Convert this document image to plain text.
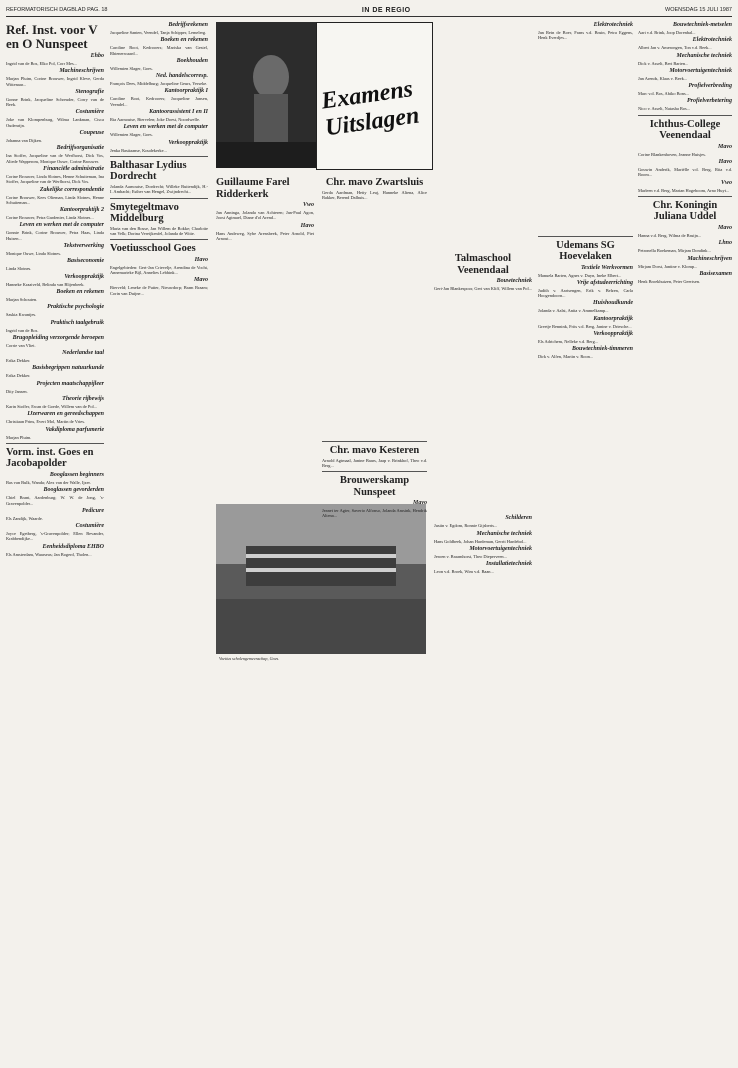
REFORMATORISCH DAGBLAD PAG. 18	IN DE REGIO	WOENSDAG 15 JULI 1987
Ref. Inst. voor V en O Nunspeet
Ehbo

Ingrid van de Bos, Elko Pol, Corr Mes...

Machineschrijven

Marjan Pluim, Corine Brouwer, Ingrid Kleve, Gerda Wittenaar...

Stenografie

Gonne Brink, Jacqueline Schreuder, Corry van de Beek.

Costumière

Joke van Klompenburg, Wilma Lankman, Cisca Oudenrijn.

Coupeuse

Johanna van Dijken.

Bedrijfsorganisatie

Ina Stoffer, Jacqueline van de Werfhorst, Dick Vos, Aliede Wapperom, Monique Ouwe, Corine Brouwer.

Financiële administratie

Corine Brouwer, Linda Slotnes, Henne Schuiteman, Ina Stoffer, Jacqueline van de Werfhorst, Dick Vos.

Zakelijke correspondentie

Corine Brouwer, Kees Olieman, Linda Slotnes, Henne Schuiteman...

Kantoorpraktijk 2

Corine Brouwer, Petra Gardenier, Linda Slotnes...

Leven en werken met de computer

Gonnie Brink, Corine Brouwer, Petra Haas, Linda Huisen...

Tekstverwerking

Monique Ouwe, Linda Slotnes.

Basiseconomie

Linda Slotnes.

Verkooppraktijk

Hanneke Kraaiveld, Belinda van Blijenbeek.

Boeken en rekenen

Marjan Schouten.

Praktische psychologie

Saskia Kwantjes.

Praktisch taalgebruik

Ingrid van de Bos.

Brugopleiding verzorgende beroepen

Corrie van Vliet.

Nederlandse taal

Erika Dekker.

Basisbegrippen natuurkunde

Erika Dekker.

Projecten maatschappijleer

Dity Jansen.

Theorie rijbewijs

Karin Stoffer, Ewan de Goede, Willem van de Pol...

IJzerwaren en gereedschappen

Christiaan Prins, Evert Mol, Martin de Vries.

Vakdiploma parfumerie

Marjan Pluim.

Vorm. inst. Goes en Jacobapolder
Booglassen beginners

Bas van Bulk, Wanda; Alex van der Walle, Ijzer.

Booglassen gevorderden

Chiel Brant, Aardenburg; W. W. de Jong, 's-Gravenpolder...

Pedicure

Els Zandijk, Waarde.

Costumière

Joyce Egetberg, 's-Gravenpolder; Ellen Bevander, Krabbendijke...

Eenheidsdiploma EHBO

Els Amsterdam, Waarseas; Jan Bogerd, Tholen...

Bedrijfsrekenen

Jacqueline Santen, Veendel, Tanja Schipper, Lemelerg.

Boeken en rekenen

Caroline Boot, Kedrooers; Mariska van Gestel, Rhienerwaard...

Boekhouden

Willemien Slager, Goes.

Ned. handelscorresp.

François Dees, Middelburg; Jacqueline Geurs, Yerseke.

Kantoorpraktijk I

Caroline Boot, Kedrooers; Jacqueline Jansen, Veendel...

Kantoorassistent I en II

Ria Aarnoutse, Biervelen; Joke Doest, Noordwelle.

Leven en werken met de computer

Willemien Slager, Goes.

Verkooppraktijk

Jenka Bastiaanse, Koudekerke...

Balthasar Lydius Dordrecht

Jolanda Aarnoutse, Dordrecht; Willeke Buitendijk, H.-I. Ambacht; Esther van Hengel, Zwijndrecht...

Smytegeltmavo Middelburg

Maria van den Bosse, Jan Willem de Bokke; Charlotte van Velk; Dorina Vereijkenfel, Jolanda de Witte.

Voetiusschool Goes
Havo

Engelgebieden: Gert-Jan Crievelje, Arendina de Vocht, Annemarieke Bijl, Annelies Lebbink...

Mavo

Bierveld; Leneke de Putter, Nieuwdorp; Bram Braam; Corin van Duijne...

Examens Uitslagen
Guillaume Farel Ridderkerk
Vwo

Jan Anninga, Jolanda van Achteren; Jan-Paul Agon, Joost Agtmael, Diane d'ol Arend...

Havo

Hans Andeweg, Sybe Arensbeek, Peter Arnold, Piet Arnout...

Voetius scholengemeenschap, Goes.
Chr. mavo Zwartsluis

Gerda Aardman, Hetty Leuj, Hanneke Altena, Alice Bakker, Berend Dalhuis...

Chr. mavo Kesteren

Arnold Agtmaal, Janine Baars, Jaap v. Brinkhof, Theo v.d. Berg...

Brouwerskamp Nunspeet
Mavo

Jeanet ter Agter, Saverio Alfonso, Jolanda Amsink, Hendrik Altena...

Talmaschool Veenendaal
Bouwtechniek

Gert-Jan Blankespoor, Gert van Kliff, Willem van Pol...

Schilderen

Justin v. Egdom, Ronnie Gijsberts...

Mechanische techniek

Hans Goldbeek, Johan Hardeman, Gerrit Hardebol...

Motorvoertuigentechniek

Jeroen v. Braamhorst, Theo Dieperveen...

Installatietechniek

Leon v.d. Broek, Wim v.d. Baan...

Elektrotechniek

Jan Rein de Boer, Frans v.d. Bruin, Petra Eggens, Henk Everdjes...

Udemans SG Hoevelaken
Textiele Werkvormen

Manuela Barten, Agnes v. Duyn, Ineke Elbert...

Vrije afstudeerrichting

Judith v. Aartsengen, Erik v. Belzen, Carla Hoogendoorn...

Huishoudkunde

Jolanda v. Aalst, Anita v. Ammelkamp...

Kantoorpraktijk

Greetje Bennink, Frits v.d. Berg, Janine v. Driesche...

Verkooppraktijk

Els Adrichem, Nelleke v.d. Berg...

Bouwtechniek-timmeren

Dirk v. Alfen, Martin v. Roon...

Bouwtechniek-metselen

Aart v.d. Brink, Joop Dorenbal...

Elektrotechniek

Albert Jan v. Amerongen, Ton v.d. Beek...

Mechanische techniek

Dick v. Asselt, Bert Barten...

Motorvoertuigentechniek

Jan Arends, Klaas v. Beek...

Profielverbreding

Marc v.d. Bos, Abiko Bons...

Profielverbetering

Nico v. Asselt, Natasha Bos...

Ichthus-College Veenendaal
Mavo

Corine Blankenhoven, Jeanne Huisjes.

Havo

Gouwin Anderik, Mariëlle v.d. Berg, Rita v.d. Boom...

Vwo

Marleen v.d. Berg, Marian Hogeboom, Arno Huyt...

Chr. Koningin Juliana Uddel
Mavo

Hanna v.d. Berg, Wilma de Bruijn...

Lhno

Petronella Boekeman, Mirjam Dondink...

Machineschrijven

Mirjam Dorst, Jantine v. Klomp...

Basisexamen

Henk Broekhuizen, Peter Geertsen.
